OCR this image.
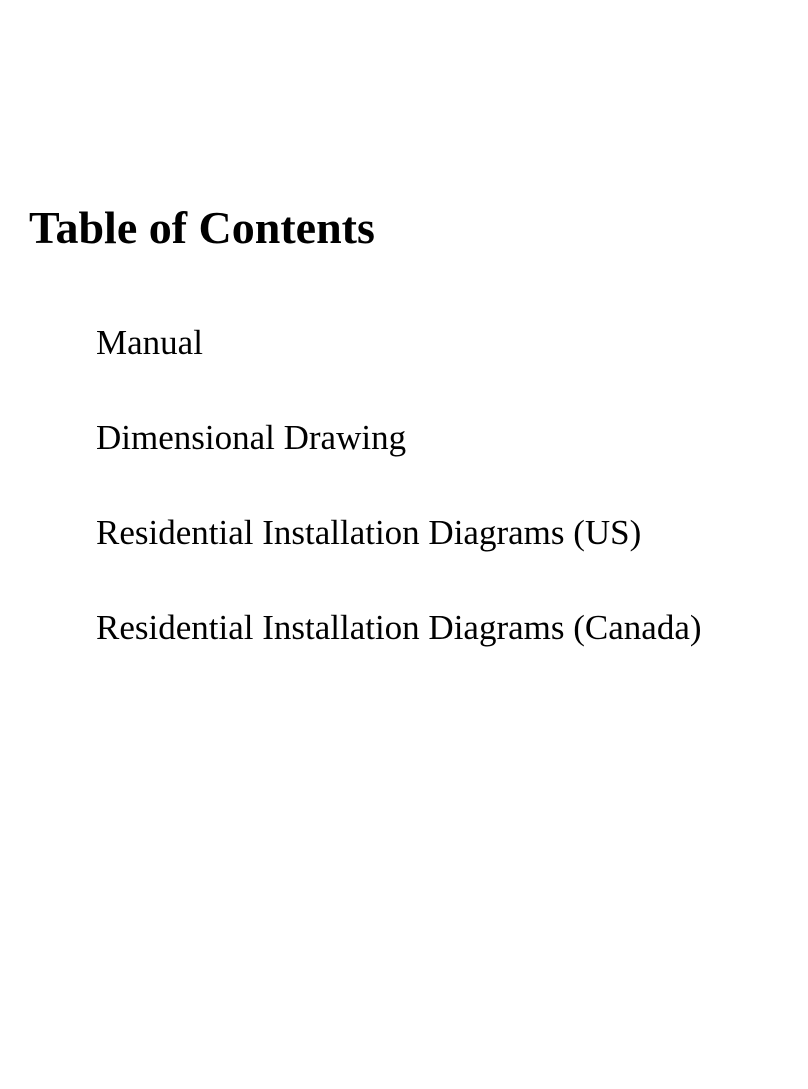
Table of Contents
Manual
Dimensional Drawing
Residential Installation Diagrams (US)
Residential Installation Diagrams (Canada)
